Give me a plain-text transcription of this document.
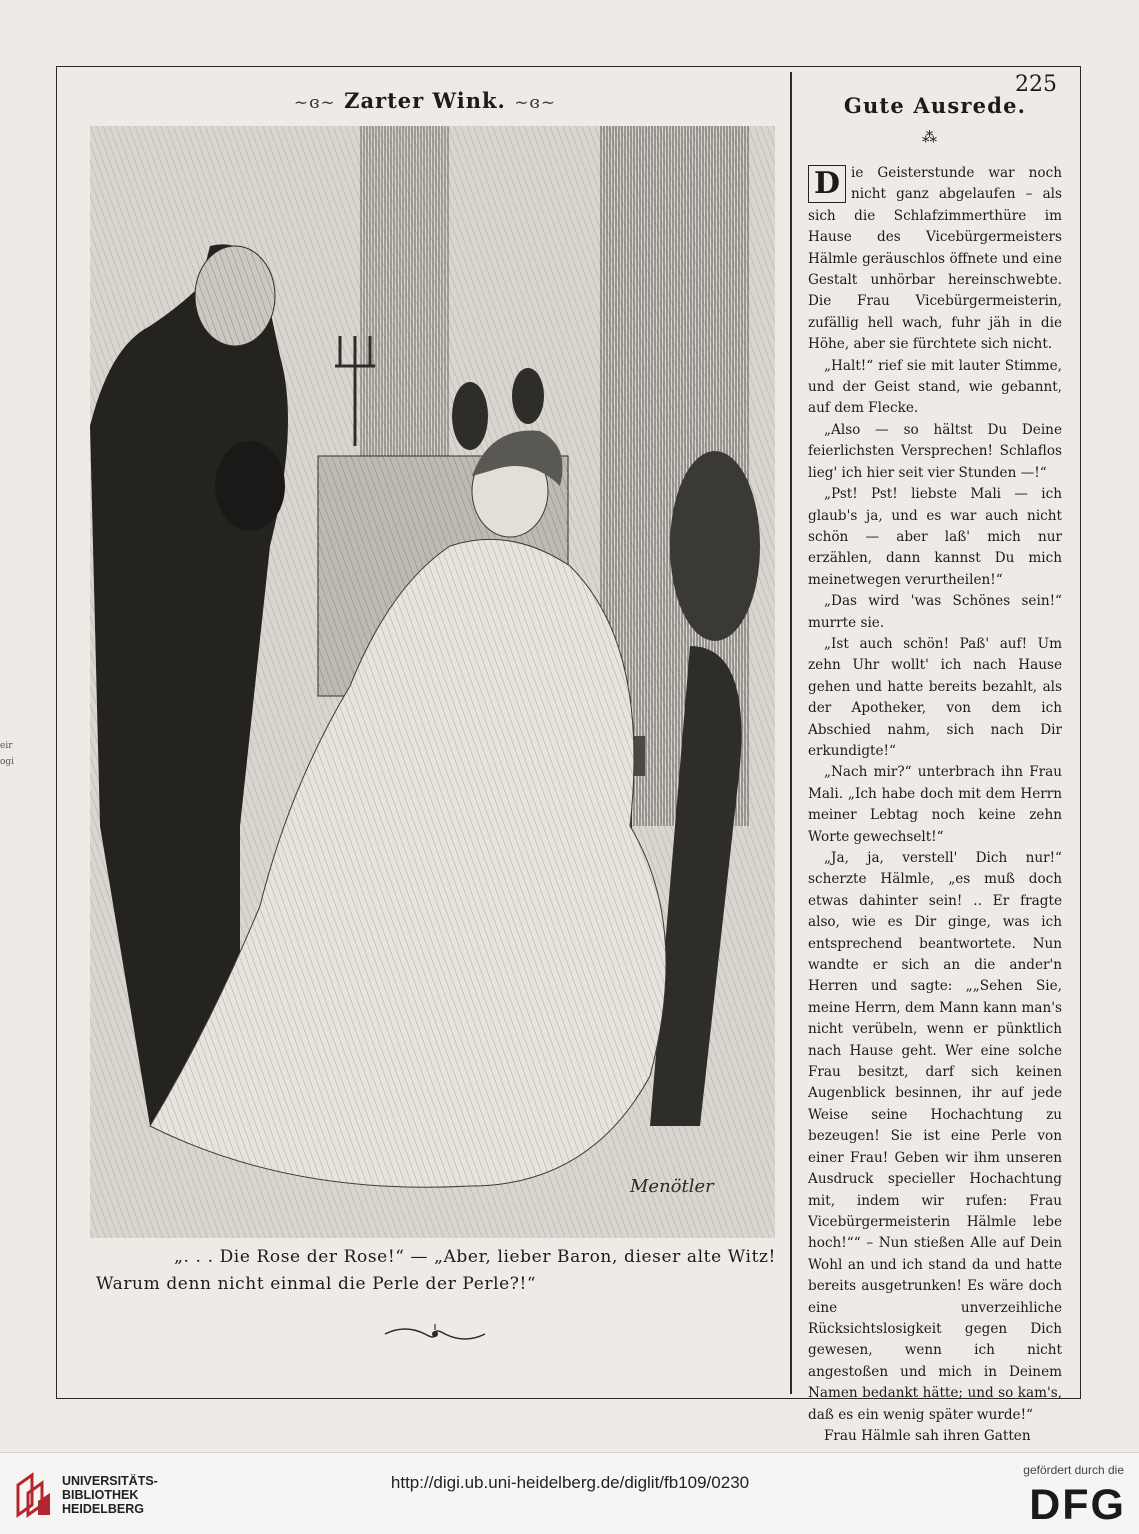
225
~ɞ~ Zarter Wink. ~ɞ~
Menötler

„. . . Die Rose der Rose!“ — „Aber, lieber Baron, dieser alte Witz!

Warum denn nicht einmal die Perle der Perle?!“

Gute Ausrede.
⁂

D ie Geisterstunde war noch nicht ganz abgelaufen – als sich die Schlafzimmerthüre im Hause des Vicebürgermeisters Hälmle geräuschlos öffnete und eine Gestalt unhörbar hereinschwebte. Die Frau Vicebürgermeisterin, zufällig hell wach, fuhr jäh in die Höhe, aber sie fürchtete sich nicht.

„Halt!“ rief sie mit lauter Stimme, und der Geist stand, wie gebannt, auf dem Flecke.

„Also — so hältst Du Deine feierlichsten Versprechen! Schlaflos lieg' ich hier seit vier Stunden —!“

„Pst! Pst! liebste Mali — ich glaub's ja, und es war auch nicht schön — aber laß' mich nur erzählen, dann kannst Du mich meinetwegen verurtheilen!“

„Das wird 'was Schönes sein!“ murrte sie.

„Ist auch schön! Paß' auf! Um zehn Uhr wollt' ich nach Hause gehen und hatte bereits bezahlt, als der Apotheker, von dem ich Abschied nahm, sich nach Dir erkundigte!“

„Nach mir?“ unterbrach ihn Frau Mali. „Ich habe doch mit dem Herrn meiner Lebtag noch keine zehn Worte gewechselt!“

„Ja, ja, verstell' Dich nur!“ scherzte Hälmle, „es muß doch etwas dahinter sein! .. Er fragte also, wie es Dir ginge, was ich entsprechend beantwortete. Nun wandte er sich an die ander'n Herren und sagte: „„Sehen Sie, meine Herrn, dem Mann kann man's nicht verübeln, wenn er pünktlich nach Hause geht. Wer eine solche Frau besitzt, darf sich keinen Augenblick besinnen, ihr auf jede Weise seine Hochachtung zu bezeugen! Sie ist eine Perle von einer Frau! Geben wir ihm unseren Ausdruck specieller Hochachtung mit, indem wir rufen: Frau Vicebürgermeisterin Hälmle lebe hoch!““ – Nun stießen Alle auf Dein Wohl an und ich stand da und hatte bereits ausgetrunken! Es wäre doch eine unverzeihliche Rücksichtslosigkeit gegen Dich gewesen, wenn ich nicht angestoßen und mich in Deinem Namen bedankt hätte; und so kam's, daß es ein wenig später wurde!“

Frau Hälmle sah ihren Gatten

eir
ogi
UNIVERSITÄTS-
BIBLIOTHEK
HEIDELBERG
http://digi.ub.uni-heidelberg.de/diglit/fb109/0230
gefördert durch die
DFG
